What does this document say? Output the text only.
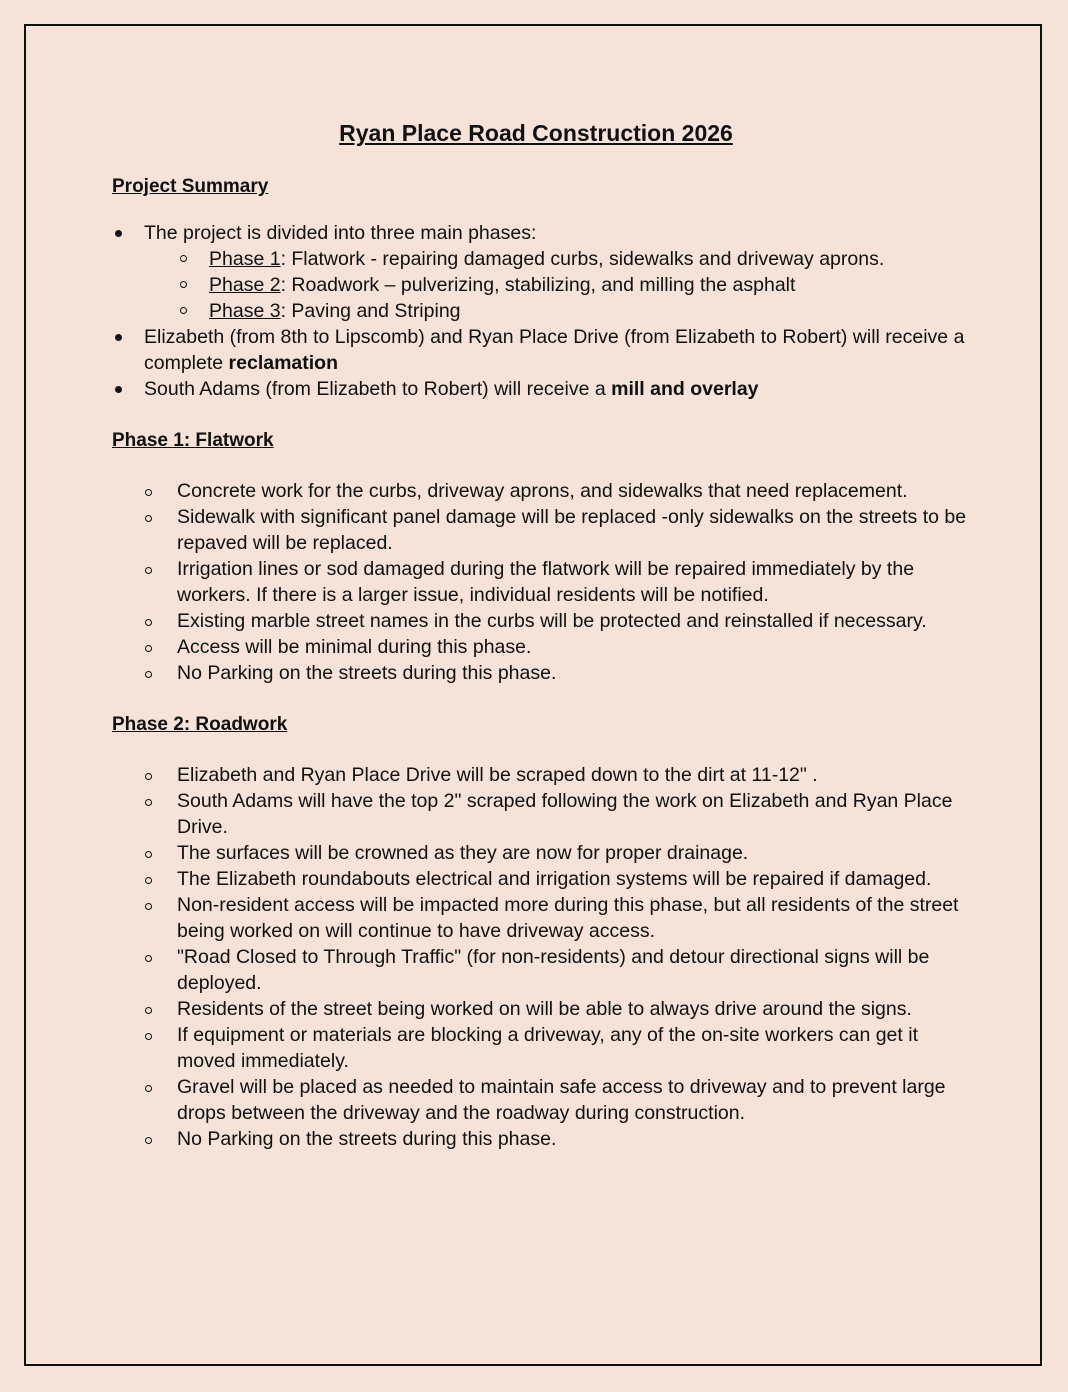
Ryan Place Road Construction 2026

Project Summary

The project is divided into three main phases:
Phase 1: Flatwork - repairing damaged curbs, sidewalks and driveway aprons.
Phase 2: Roadwork – pulverizing, stabilizing, and milling the asphalt
Phase 3: Paving and Striping
Elizabeth (from 8th to Lipscomb) and Ryan Place Drive (from Elizabeth to Robert) will receive a complete reclamation
South Adams (from Elizabeth to Robert) will receive a mill and overlay

Phase 1: Flatwork

Concrete work for the curbs, driveway aprons, and sidewalks that need replacement.
Sidewalk with significant panel damage will be replaced -only sidewalks on the streets to be repaved will be replaced.
Irrigation lines or sod damaged during the flatwork will be repaired immediately by the workers. If there is a larger issue, individual residents will be notified.
Existing marble street names in the curbs will be protected and reinstalled if necessary.
Access will be minimal during this phase.
No Parking on the streets during this phase.

Phase 2: Roadwork

Elizabeth and Ryan Place Drive will be scraped down to the dirt at 11-12" .
South Adams will have the top 2" scraped following the work on Elizabeth and Ryan Place Drive.
The surfaces will be crowned as they are now for proper drainage.
The Elizabeth roundabouts electrical and irrigation systems will be repaired if damaged.
Non-resident access will be impacted more during this phase, but all residents of the street being worked on will continue to have driveway access.
"Road Closed to Through Traffic" (for non-residents) and detour directional signs will be deployed.
Residents of the street being worked on will be able to always drive around the signs.
If equipment or materials are blocking a driveway, any of the on-site workers can get it moved immediately.
Gravel will be placed as needed to maintain safe access to driveway and to prevent large drops between the driveway and the roadway during construction.
No Parking on the streets during this phase.
